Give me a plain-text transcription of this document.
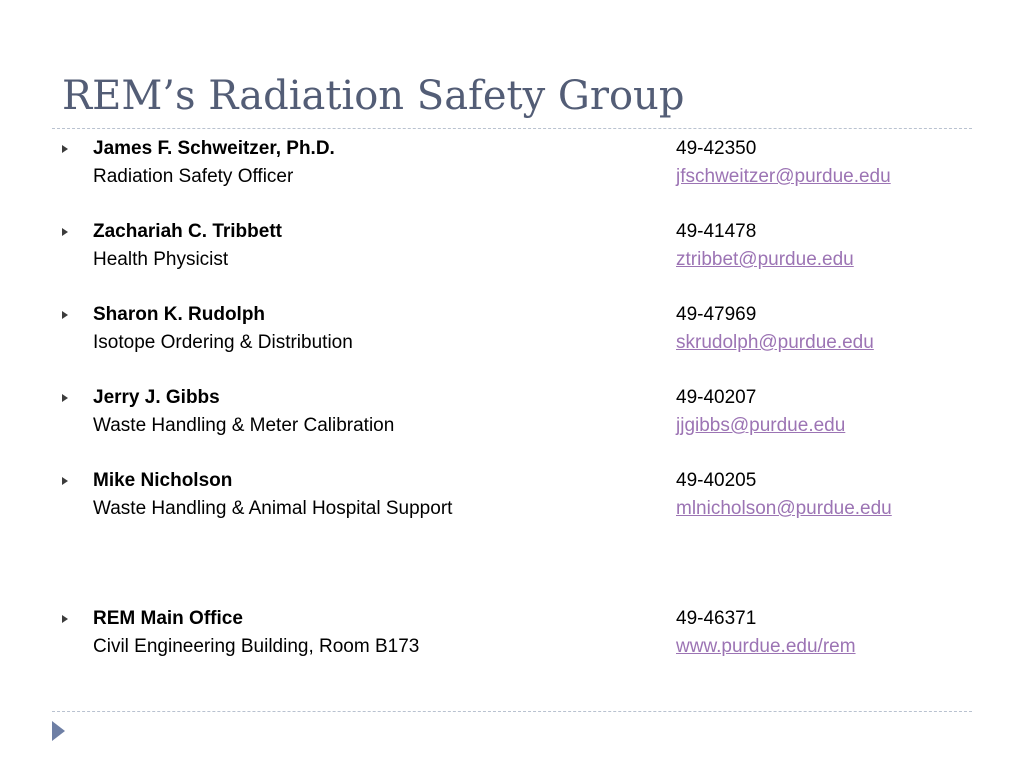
REM’s Radiation Safety Group
James F. Schweitzer, Ph.D.
Radiation Safety Officer
49-42350
jfschweitzer@purdue.edu
Zachariah C. Tribbett
Health Physicist
49-41478
ztribbet@purdue.edu
Sharon K. Rudolph
Isotope Ordering & Distribution
49-47969
skrudolph@purdue.edu
Jerry J. Gibbs
Waste Handling & Meter Calibration
49-40207
jjgibbs@purdue.edu
Mike Nicholson
Waste Handling & Animal Hospital Support
49-40205
mlnicholson@purdue.edu
REM Main Office
Civil Engineering Building, Room B173
49-46371
www.purdue.edu/rem
